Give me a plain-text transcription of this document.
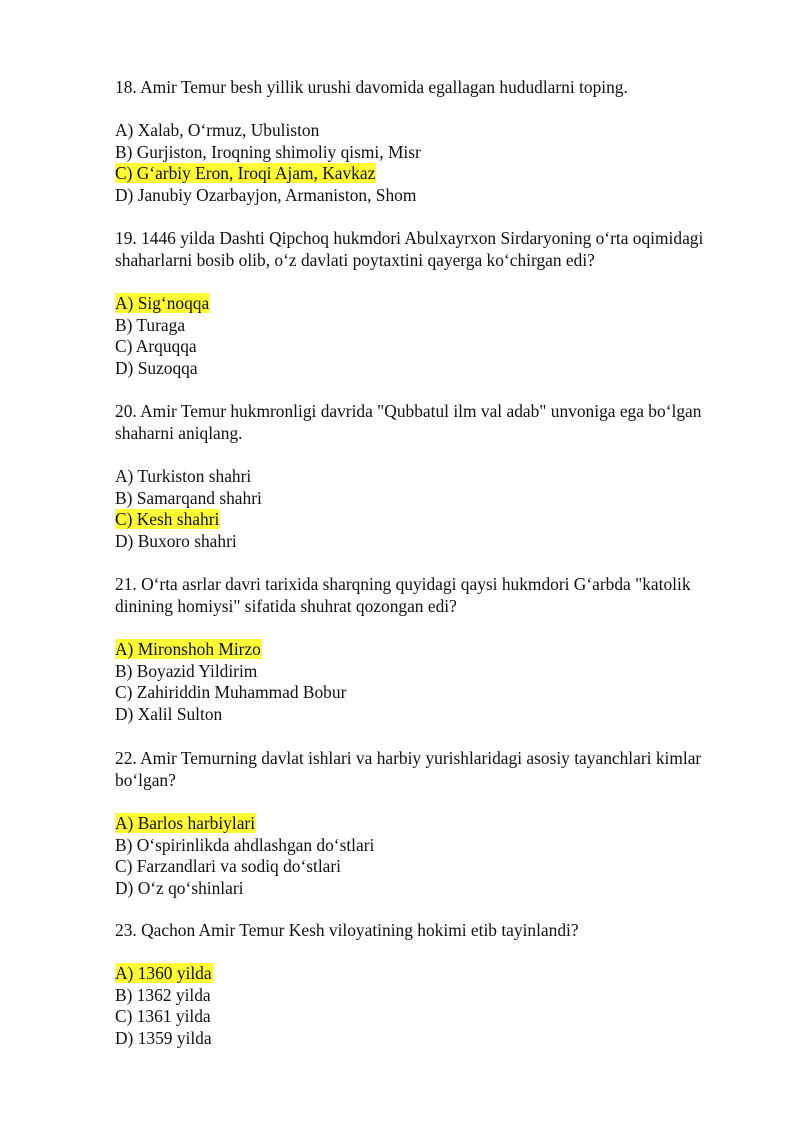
18. Amir Temur besh yillik urushi davomida egallagan hududlarni toping.

A) Xalab, O‘rmuz, Ubuliston
B) Gurjiston, Iroqning shimoliy qismi, Misr
C) G‘arbiy Eron, Iroqi Ajam, Kavkaz
D) Janubiy Ozarbayjon, Armaniston, Shom

19. 1446 yilda Dashti Qipchoq hukmdori Abulxayrxon Sirdaryoning o‘rta oqimidagi shaharlarni bosib olib, o‘z davlati poytaxtini qayerga ko‘chirgan edi?

A) Sig‘noqqa
B) Turaga
C) Arquqqa
D) Suzoqqa

20. Amir Temur hukmronligi davrida "Qubbatul ilm val adab" unvoniga ega bo‘lgan shaharni aniqlang.

A) Turkiston shahri
B) Samarqand shahri
C) Kesh shahri
D) Buxoro shahri

21. O‘rta asrlar davri tarixida sharqning quyidagi qaysi hukmdori G‘arbda "katolik dinining homiysi" sifatida shuhrat qozongan edi?

A) Mironshoh Mirzo
B) Boyazid Yildirim
C) Zahiriddin Muhammad Bobur
D) Xalil Sulton

22. Amir Temurning davlat ishlari va harbiy yurishlaridagi asosiy tayanchlari kimlar bo‘lgan?

A) Barlos harbiylari
B) O‘spirinlikda ahdlashgan do‘stlari
C) Farzandlari va sodiq do‘stlari
D) O‘z qo‘shinlari

23. Qachon Amir Temur Kesh viloyatining hokimi etib tayinlandi?

A) 1360 yilda
B) 1362 yilda
C) 1361 yilda
D) 1359 yilda
